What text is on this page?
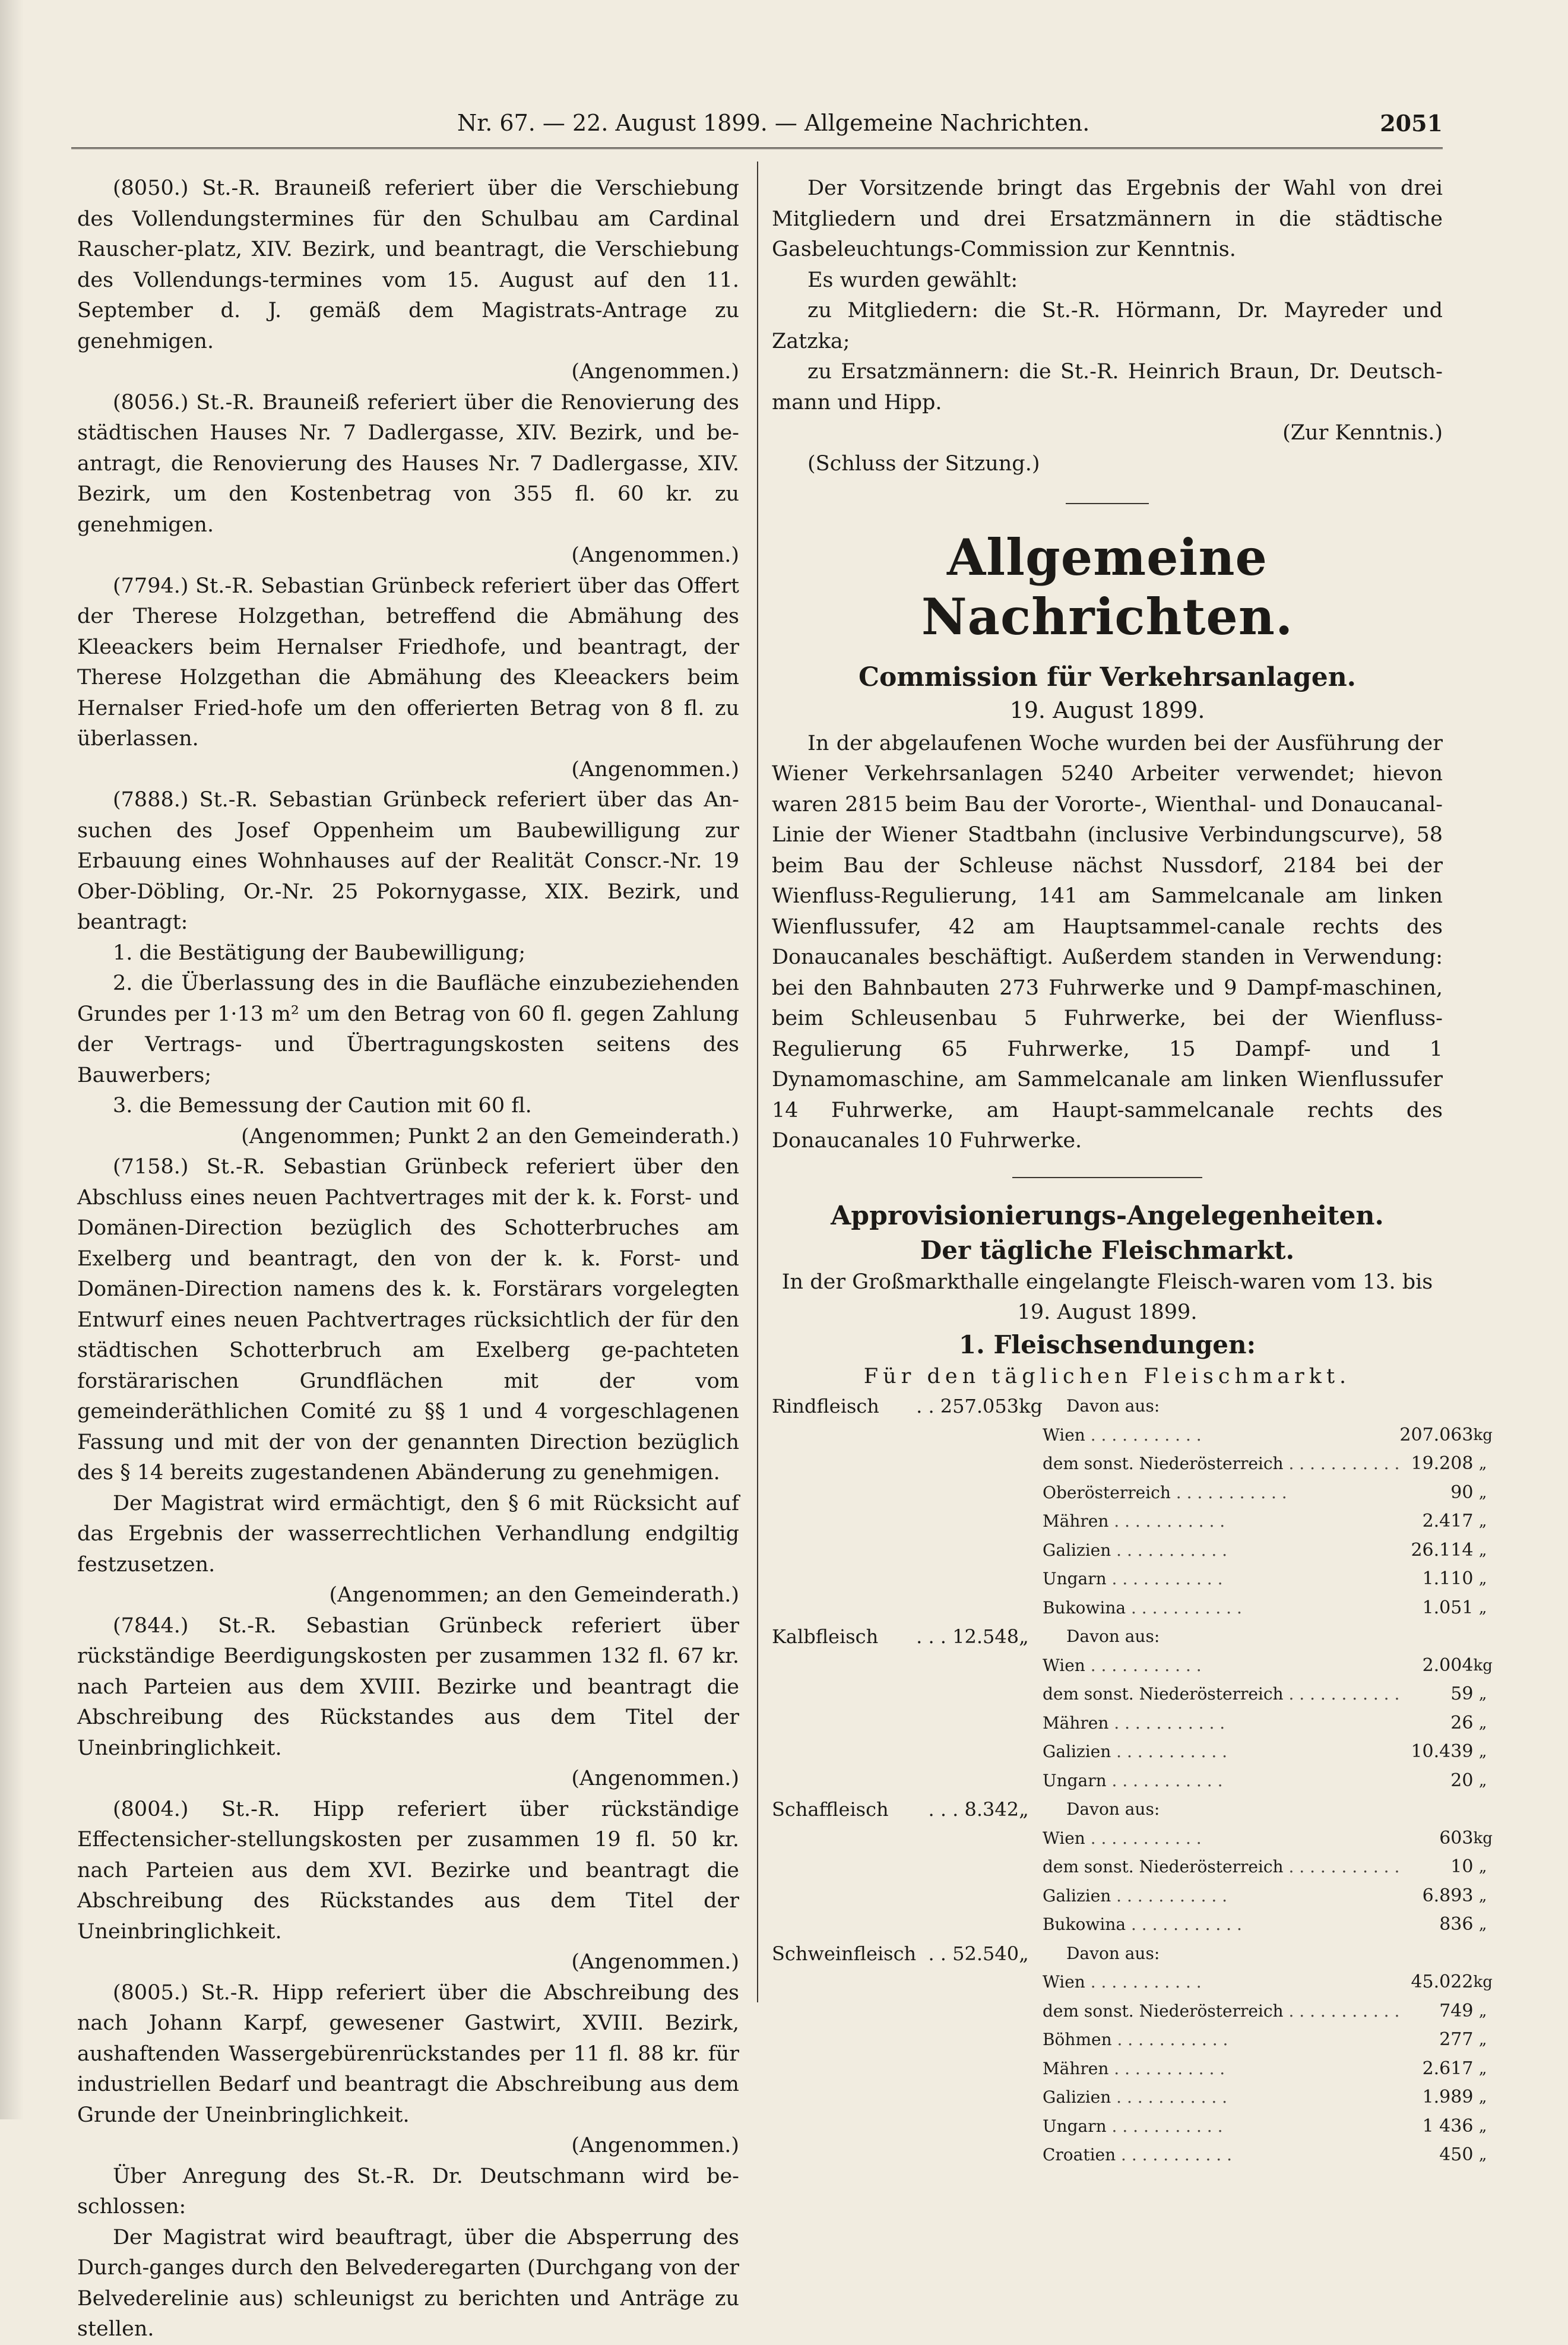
Nr. 67. — 22. August 1899. — Allgemeine Nachrichten.	2051

(8050.) St.-R. Brauneiß referiert über die Verschiebung des Vollendungstermines für den Schulbau am Cardinal Rauscher-platz, XIV. Bezirk, und beantragt, die Verschiebung des Vollendungs-termines vom 15. August auf den 11. September d. J. gemäß dem Magistrats-Antrage zu genehmigen.

(Angenommen.)

(8056.) St.-R. Brauneiß referiert über die Renovierung des städtischen Hauses Nr. 7 Dadlergasse, XIV. Bezirk, und be-antragt, die Renovierung des Hauses Nr. 7 Dadlergasse, XIV. Bezirk, um den Kostenbetrag von 355 fl. 60 kr. zu genehmigen.

(Angenommen.)

(7794.) St.-R. Sebastian Grünbeck referiert über das Offert der Therese Holzgethan, betreffend die Abmähung des Kleeackers beim Hernalser Friedhofe, und beantragt, der Therese Holzgethan die Abmähung des Kleeackers beim Hernalser Fried-hofe um den offerierten Betrag von 8 fl. zu überlassen.

(Angenommen.)

(7888.) St.-R. Sebastian Grünbeck referiert über das An-suchen des Josef Oppenheim um Baubewilligung zur Erbauung eines Wohnhauses auf der Realität Conscr.-Nr. 19 Ober-Döbling, Or.-Nr. 25 Pokornygasse, XIX. Bezirk, und beantragt:

1. die Bestätigung der Baubewilligung;

2. die Überlassung des in die Baufläche einzubeziehenden Grundes per 1·13 m² um den Betrag von 60 fl. gegen Zahlung der Vertrags- und Übertragungskosten seitens des Bauwerbers;

3. die Bemessung der Caution mit 60 fl.

(Angenommen; Punkt 2 an den Gemeinderath.)

(7158.) St.-R. Sebastian Grünbeck referiert über den Abschluss eines neuen Pachtvertrages mit der k. k. Forst- und Domänen-Direction bezüglich des Schotterbruches am Exelberg und beantragt, den von der k. k. Forst- und Domänen-Direction namens des k. k. Forstärars vorgelegten Entwurf eines neuen Pachtvertrages rücksichtlich der für den städtischen Schotterbruch am Exelberg ge-pachteten forstärarischen Grundflächen mit der vom gemeinderäthlichen Comité zu §§ 1 und 4 vorgeschlagenen Fassung und mit der von der genannten Direction bezüglich des § 14 bereits zugestandenen Abänderung zu genehmigen.

Der Magistrat wird ermächtigt, den § 6 mit Rücksicht auf das Ergebnis der wasserrechtlichen Verhandlung endgiltig festzusetzen.

(Angenommen; an den Gemeinderath.)

(7844.) St.-R. Sebastian Grünbeck referiert über rückständige Beerdigungskosten per zusammen 132 fl. 67 kr. nach Parteien aus dem XVIII. Bezirke und beantragt die Abschreibung des Rückstandes aus dem Titel der Uneinbringlichkeit.

(Angenommen.)

(8004.) St.-R. Hipp referiert über rückständige Effectensicher-stellungskosten per zusammen 19 fl. 50 kr. nach Parteien aus dem XVI. Bezirke und beantragt die Abschreibung des Rückstandes aus dem Titel der Uneinbringlichkeit.

(Angenommen.)

(8005.) St.-R. Hipp referiert über die Abschreibung des nach Johann Karpf, gewesener Gastwirt, XVIII. Bezirk, aushaftenden Wassergebürenrückstandes per 11 fl. 88 kr. für industriellen Bedarf und beantragt die Abschreibung aus dem Grunde der Uneinbringlichkeit.

(Angenommen.)

Über Anregung des St.-R. Dr. Deutschmann wird be-schlossen:

Der Magistrat wird beauftragt, über die Absperrung des Durch-ganges durch den Belvederegarten (Durchgang von der Belvederelinie aus) schleunigst zu berichten und Anträge zu stellen.

Der Vorsitzende bringt das Ergebnis der Wahl von drei Mitgliedern und drei Ersatzmännern in die städtische Gasbeleuchtungs-Commission zur Kenntnis.

Es wurden gewählt:

zu Mitgliedern: die St.-R. Hörmann, Dr. Mayreder und Zatzka;

zu Ersatzmännern: die St.-R. Heinrich Braun, Dr. Deutsch-mann und Hipp.

(Zur Kenntnis.)

(Schluss der Sitzung.)

Allgemeine Nachrichten.
Commission für Verkehrsanlagen.
19. August 1899.

In der abgelaufenen Woche wurden bei der Ausführung der Wiener Verkehrsanlagen 5240 Arbeiter verwendet; hievon waren 2815 beim Bau der Vororte-, Wienthal- und Donaucanal-Linie der Wiener Stadtbahn (inclusive Verbindungscurve), 58 beim Bau der Schleuse nächst Nussdorf, 2184 bei der Wienfluss-Regulierung, 141 am Sammelcanale am linken Wienflussufer, 42 am Hauptsammel-canale rechts des Donaucanales beschäftigt. Außerdem standen in Verwendung: bei den Bahnbauten 273 Fuhrwerke und 9 Dampf-maschinen, beim Schleusenbau 5 Fuhrwerke, bei der Wienfluss-Regulierung 65 Fuhrwerke, 15 Dampf- und 1 Dynamomaschine, am Sammelcanale am linken Wienflussufer 14 Fuhrwerke, am Haupt-sammelcanale rechts des Donaucanales 10 Fuhrwerke.

Approvisionierungs-Angelegenheiten.
Der tägliche Fleischmarkt.
In der Großmarkthalle eingelangte Fleisch-waren vom 13. bis 19. August 1899.
1. Fleischsendungen:
Für den täglichen Fleischmarkt.
Rindfleisch	. . 257.053	kg	Davon aus:		

			Wien . . .	207.063	kg

			dem sonst. Niederösterreich . . .	19.208	„

			Oberösterreich . . .	90	„

			Mähren . . .	2.417	„

			Galizien . . .	26.114	„

			Ungarn . . .	1.110	„

			Bukowina . . .	1.051	„
Kalbfleisch	. . . 12.548	„	Davon aus:		

			Wien . . .	2.004	kg

			dem sonst. Niederösterreich . . .	59	„

			Mähren . . .	26	„

			Galizien . . .	10.439	„

			Ungarn . . .	20	„
Schaffleisch	. . . 8.342	„	Davon aus:		

			Wien . . .	603	kg

			dem sonst. Niederösterreich . . .	10	„

			Galizien . . .	6.893	„

			Bukowina . . .	836	„
Schweinfleisch	. . 52.540	„	Davon aus:		

			Wien . . .	45.022	kg

			dem sonst. Niederösterreich . . .	749	„

			Böhmen . . .	277	„

			Mähren . . .	2.617	„

			Galizien . . .	1.989	„

			Ungarn . . .	1 436	„

			Croatien . . .	450	„
